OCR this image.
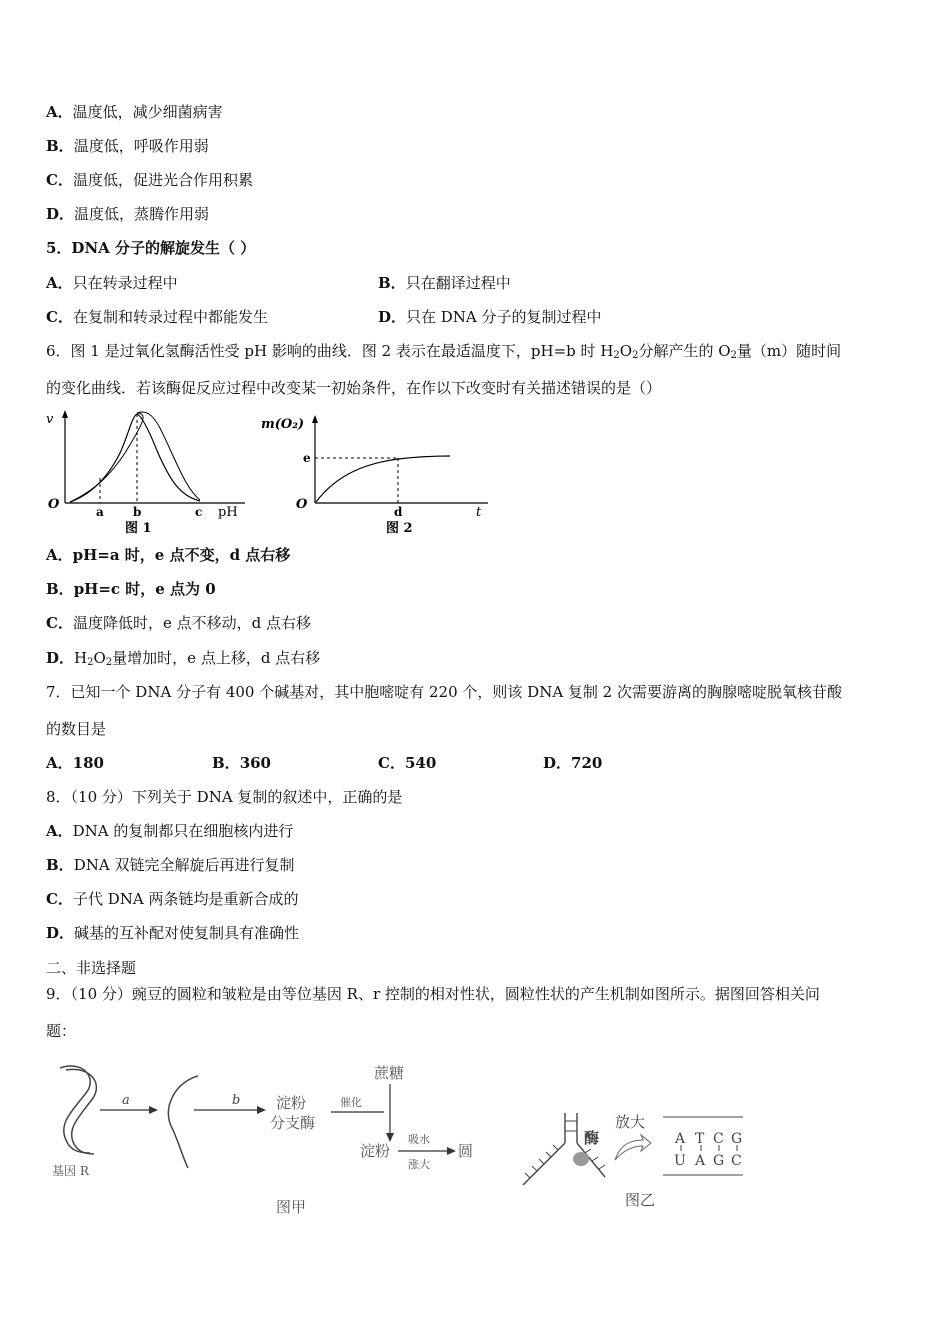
A．温度低，减少细菌病害
B．温度低，呼吸作用弱
C．温度低，促进光合作用积累
D．温度低，蒸腾作用弱
5．DNA 分子的解旋发生（ ）
A．只在转录过程中	B．只在翻译过程中
C．在复制和转录过程中都能发生	D．只在 DNA 分子的复制过程中
6．图 1 是过氧化氢酶活性受 pH 影响的曲线．图 2 表示在最适温度下，pH=b 时 $H_2O_2$分解产生的 $O_2$量（m）随时间
的变化曲线．若该酶促反应过程中改变某一初始条件，在作以下改变时有关描述错误的是（）
v
O	a b	c pH
图 1
m(O₂)
O
e
d	t
图 2
A．pH=a 时，e 点不变，d 点右移
B．pH=c 时，e 点为 0
C．温度降低时，e 点不移动，d 点右移
D．$H_2O_2$量增加时，e 点上移，d 点右移
7．已知一个 DNA 分子有 400 个碱基对，其中胞嘧啶有 220 个，则该 DNA 复制 2 次需要游离的胸腺嘧啶脱氧核苷酸
的数目是
A．180	B．360	C．540	D．720
8．（10 分）下列关于 DNA 复制的叙述中，正确的是
A．DNA 的复制都只在细胞核内进行
B．DNA 双链完全解旋后再进行复制
C．子代 DNA 两条链均是重新合成的
D．碱基的互补配对使复制具有准确性
二、非选择题
9．（10 分）豌豆的圆粒和皱粒是由等位基因 R、r 控制的相对性状，圆粒性状的产生机制如图所示。据图回答相关问
题：
基因 R
a	b 淀粉
分支酶
催化
蔗糖
淀粉
吸水
涨大
圆
图甲
酶
放大
A T C G
U A G C
图乙
